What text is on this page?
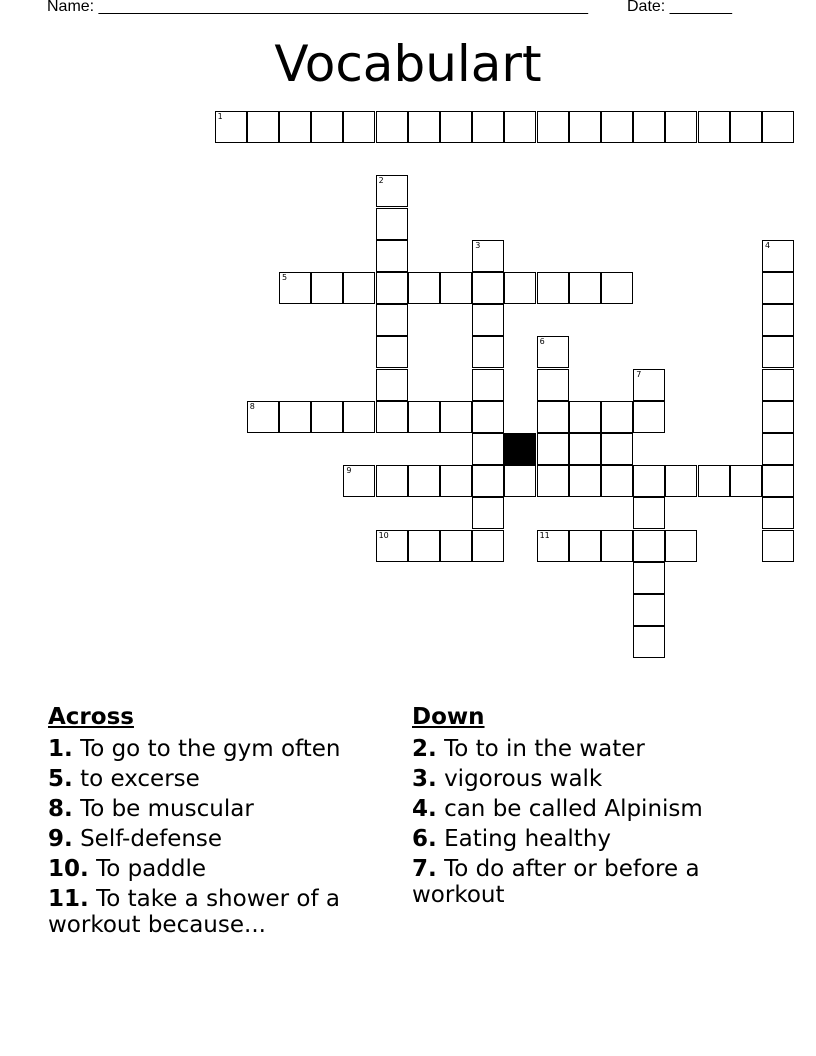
Name: _______________________________________________________ Date: _______
Vocabulart
1
2
3	4
5
6
7
8
9
10	11
Across

1. To go to the gym often

5. to excerse

8. To be muscular

9. Self-defense

10. To paddle

11. To take a shower of a workout because...

Down

2. To to in the water

3. vigorous walk

4. can be called Alpinism

6. Eating healthy

7. To do after or before a workout
